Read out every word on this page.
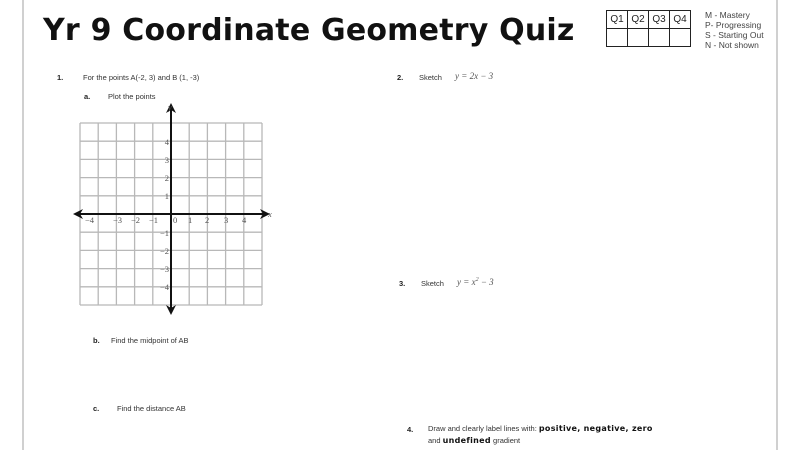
Yr 9 Coordinate Geometry Quiz	Q1	Q2	Q3	Q4
			M - Mastery
P- Progressing
S - Starting Out
N - Not shown
1.	For the points A(-2, 3) and B (1, -3)
a. Plot the points
x
y
−4 −3 −2 −1 0 1 2 3 4
4
3
2
1
−1
−2
−3
−4
b. Find the midpoint of AB
c. Find the distance AB
2. Sketch y = 2x − 3
3. Sketch $y = x^2 - 3$
4. Draw and clearly label lines with: positive, negative, zero
and undefined gradient
